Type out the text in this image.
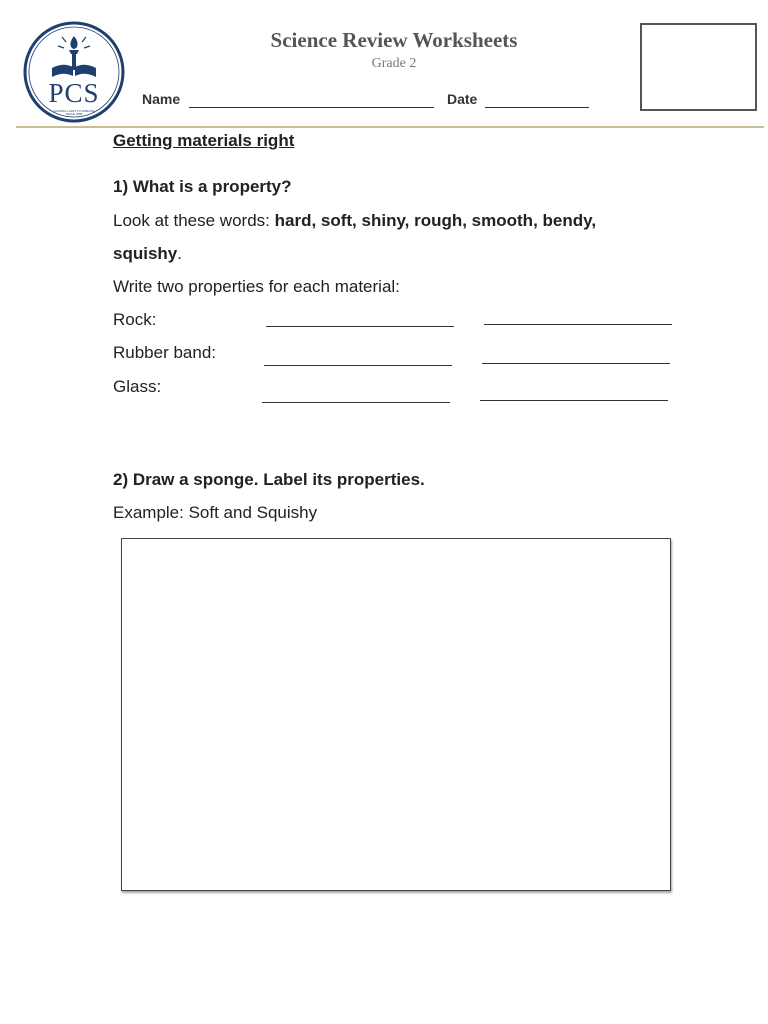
PCS
GUIDING LIGHT TO WISDOM
SINCE 1898
Science Review Worksheets
Grade 2
Name	Date
Getting materials right
1) What is a property?
Look at these words: hard, soft, shiny, rough, smooth, bendy,
squishy.
Write two properties for each material:
Rock:
Rubber band:
Glass:
2) Draw a sponge. Label its properties.
Example: Soft and Squishy
